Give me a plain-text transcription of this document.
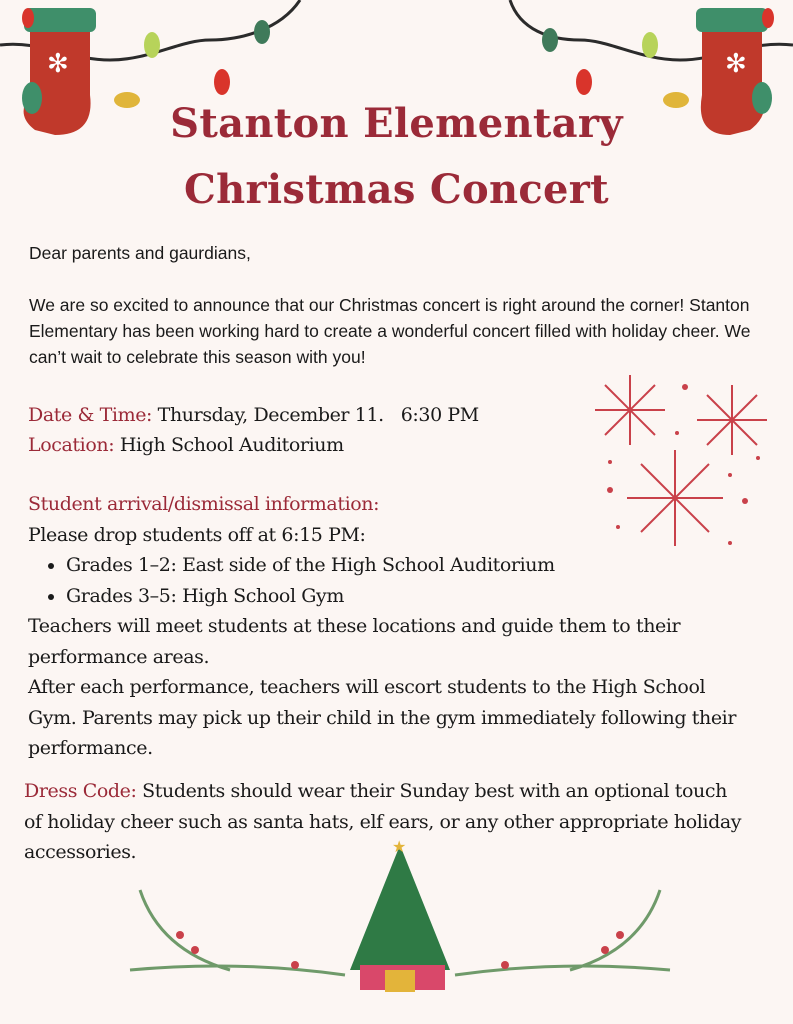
✻	✻
Stanton Elementary
Christmas Concert
Dear parents and gaurdians,
We are so excited to announce that our Christmas concert is right around the corner! Stanton Elementary has been working hard to create a wonderful concert filled with holiday cheer. We can’t wait to celebrate this season with you!
Date & Time: Thursday, December 11.   6:30 PM
Location: High School Auditorium
Student arrival/dismissal information:
Please drop students off at 6:15 PM:
• Grades 1–2: East side of the High School Auditorium
• Grades 3–5: High School Gym
Teachers will meet students at these locations and guide them to their performance areas.
After each performance, teachers will escort students to the High School Gym. Parents may pick up their child in the gym immediately following their performance.
Dress Code: Students should wear their Sunday best with an optional touch of holiday cheer such as santa hats, elf ears, or any other appropriate holiday accessories.	★
